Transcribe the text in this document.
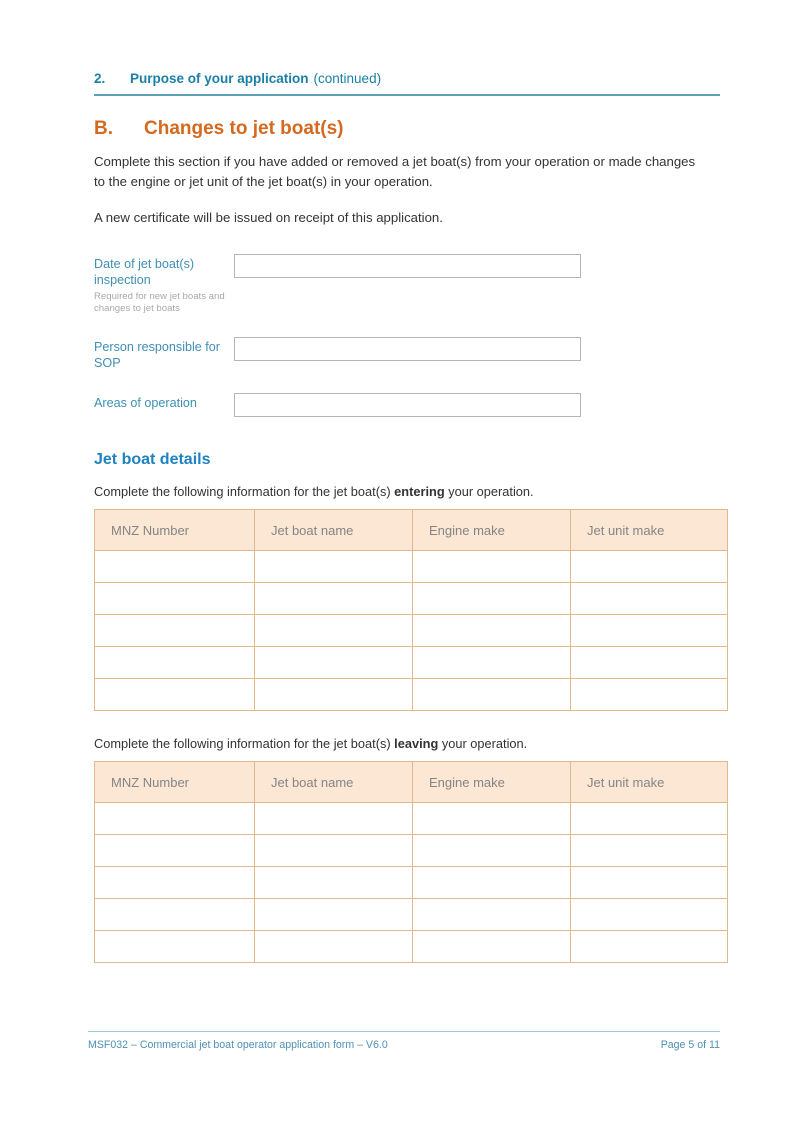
2.	Purpose of your application (continued)
B.	Changes to jet boat(s)

Complete this section if you have added or removed a jet boat(s) from your operation or made changes to the engine or jet unit of the jet boat(s) in your operation.

A new certificate will be issued on receipt of this application.

Date of jet boat(s) inspection
Required for new jet boats and changes to jet boats
Person responsible for SOP
Areas of operation
Jet boat details

Complete the following information for the jet boat(s) entering your operation.

MNZ Number	Jet boat name	Engine make	Jet unit make

Complete the following information for the jet boat(s) leaving your operation.

MNZ Number	Jet boat name	Engine make	Jet unit make

MSF032 – Commercial jet boat operator application form – V6.0	Page 5 of 11
